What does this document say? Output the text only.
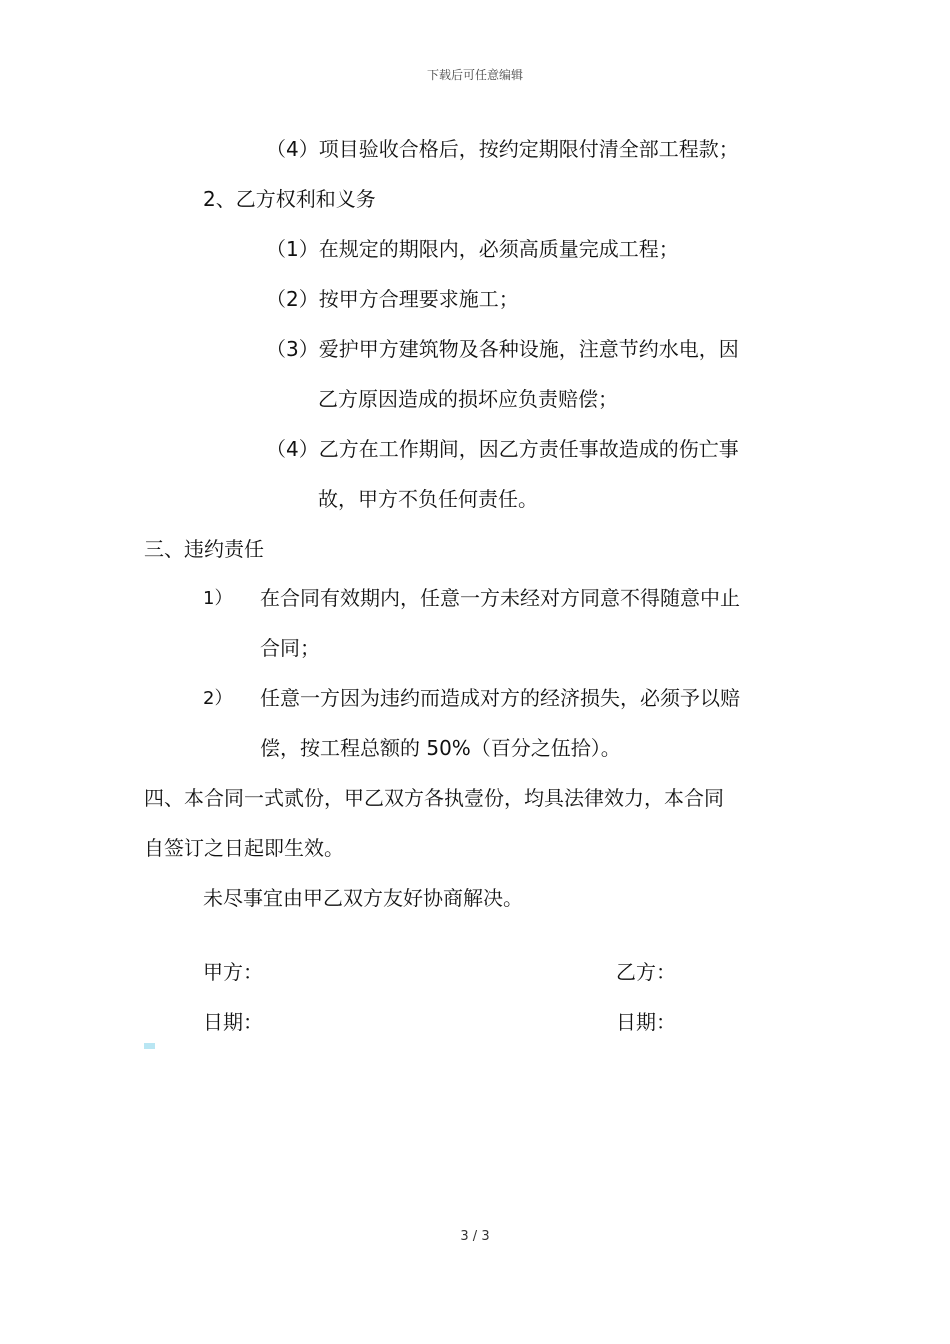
下载后可任意编辑
（4）项目验收合格后，按约定期限付清全部工程款；
2、乙方权利和义务
（1）在规定的期限内，必须高质量完成工程；
（2）按甲方合理要求施工；
（3）爱护甲方建筑物及各种设施，注意节约水电，因
乙方原因造成的损坏应负责赔偿；
（4）乙方在工作期间，因乙方责任事故造成的伤亡事
故，甲方不负任何责任。
三、违约责任
1） 在合同有效期内，任意一方未经对方同意不得随意中止
合同；
2） 任意一方因为违约而造成对方的经济损失，必须予以赔
偿，按工程总额的 50%（百分之伍拾）。
四、本合同一式贰份，甲乙双方各执壹份，均具法律效力，本合同
自签订之日起即生效。
未尽事宜由甲乙双方友好协商解决。
甲方：	乙方：
日期：	日期：
3 / 3
